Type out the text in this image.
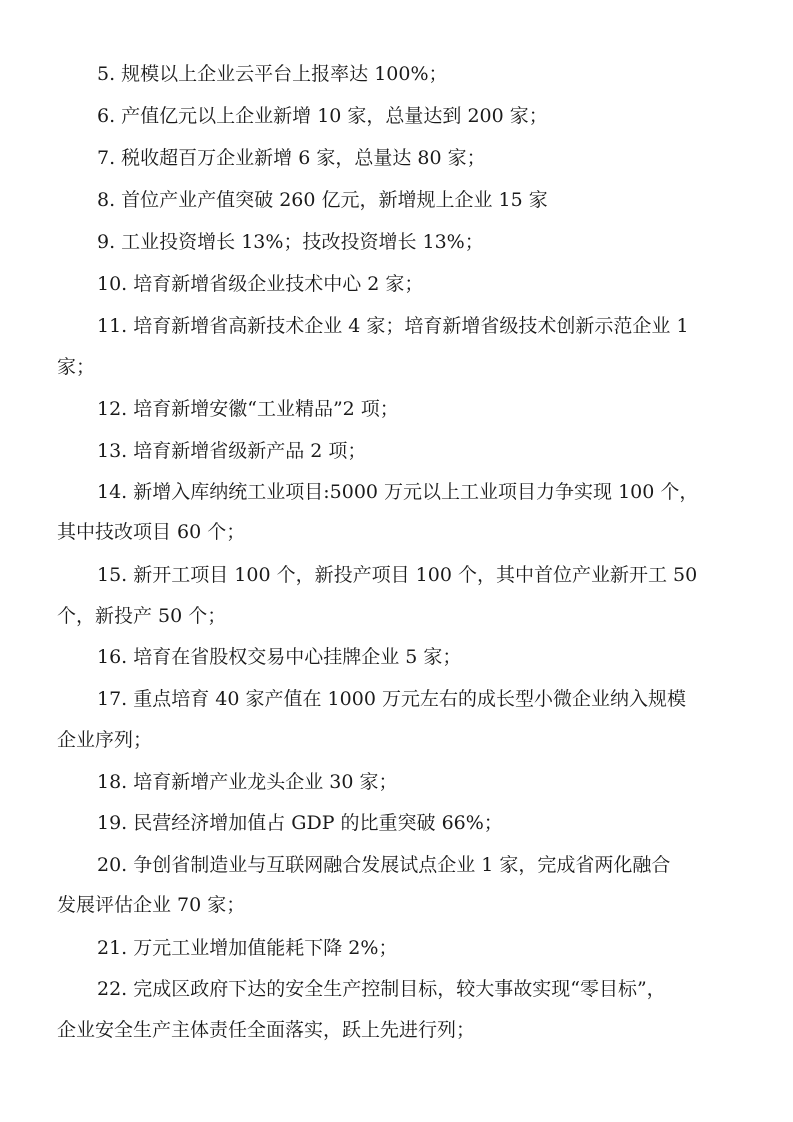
5. 规模以上企业云平台上报率达 100%；
6. 产值亿元以上企业新增 10 家，总量达到 200 家；
7. 税收超百万企业新增 6 家，总量达 80 家；
8. 首位产业产值突破 260 亿元，新增规上企业 15 家
9. 工业投资增长 13%；技改投资增长 13%；
10. 培育新增省级企业技术中心 2 家；
11. 培育新增省高新技术企业 4 家；培育新增省级技术创新示范企业 1
家；
12. 培育新增安徽“工业精品”2 项；
13. 培育新增省级新产品 2 项；
14. 新增入库纳统工业项目:5000 万元以上工业项目力争实现 100 个，
其中技改项目 60 个；
15. 新开工项目 100 个，新投产项目 100 个，其中首位产业新开工 50
个，新投产 50 个；
16. 培育在省股权交易中心挂牌企业 5 家；
17. 重点培育 40 家产值在 1000 万元左右的成长型小微企业纳入规模
企业序列；
18. 培育新增产业龙头企业 30 家；
19. 民营经济增加值占 GDP 的比重突破 66%；
20. 争创省制造业与互联网融合发展试点企业 1 家，完成省两化融合
发展评估企业 70 家；
21. 万元工业增加值能耗下降 2%；
22. 完成区政府下达的安全生产控制目标，较大事故实现“零目标”，
企业安全生产主体责任全面落实，跃上先进行列；
